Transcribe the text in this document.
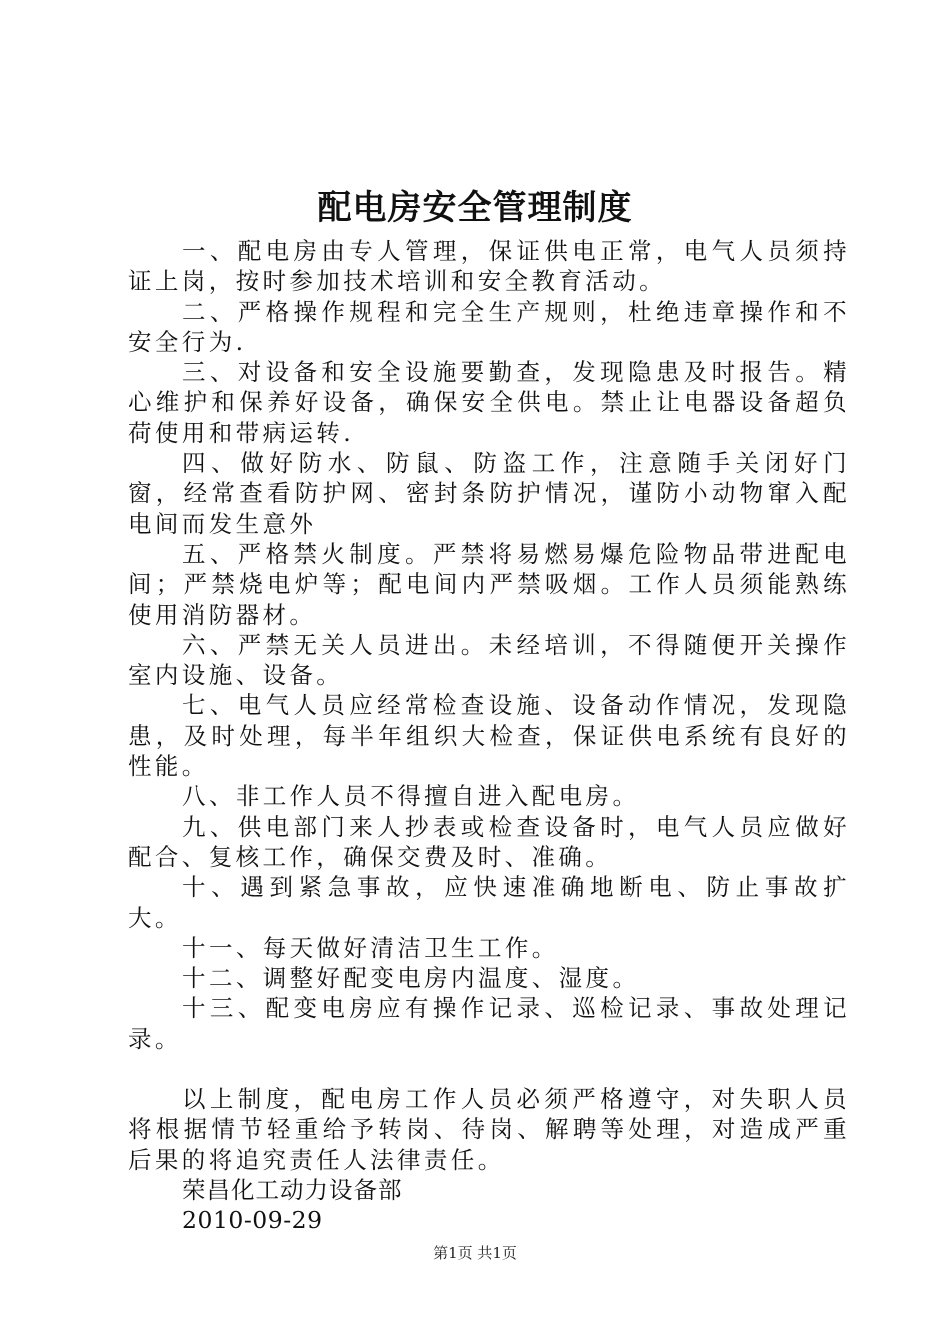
配电房安全管理制度

一、配电房由专人管理，保证供电正常，电气人员须持证上岗，按时参加技术培训和安全教育活动。

二、严格操作规程和完全生产规则，杜绝违章操作和不安全行为.

三、对设备和安全设施要勤查，发现隐患及时报告。精心维护和保养好设备，确保安全供电。禁止让电器设备超负荷使用和带病运转.

四、做好防水、防鼠、防盗工作，注意随手关闭好门窗，经常查看防护网、密封条防护情况，谨防小动物窜入配电间而发生意外

五、严格禁火制度。严禁将易燃易爆危险物品带进配电间；严禁烧电炉等；配电间内严禁吸烟。工作人员须能熟练使用消防器材。

六、严禁无关人员进出。未经培训，不得随便开关操作室内设施、设备。

七、电气人员应经常检查设施、设备动作情况，发现隐患，及时处理，每半年组织大检查，保证供电系统有良好的性能。

八、非工作人员不得擅自进入配电房。

九、供电部门来人抄表或检查设备时，电气人员应做好配合、复核工作，确保交费及时、准确。

十、遇到紧急事故，应快速准确地断电、防止事故扩大。

十一、每天做好清洁卫生工作。

十二、调整好配变电房内温度、湿度。

十三、配变电房应有操作记录、巡检记录、事故处理记录。

以上制度，配电房工作人员必须严格遵守，对失职人员将根据情节轻重给予转岗、待岗、解聘等处理，对造成严重后果的将追究责任人法律责任。

荣昌化工动力设备部

2010-09-29

第1页 共1页
